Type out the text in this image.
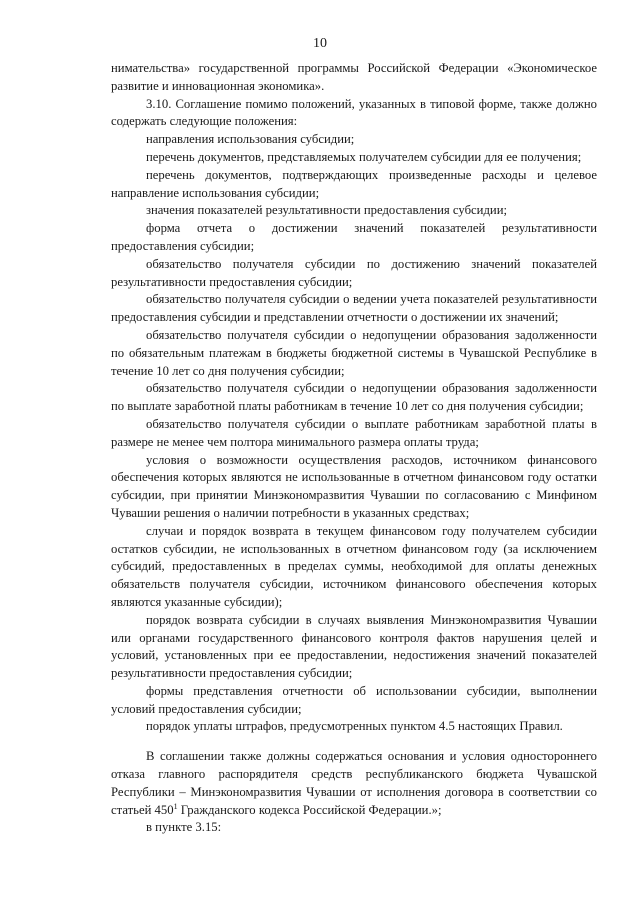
10

нимательства» государственной программы Российской Федерации «Экономическое развитие и инновационная экономика».

3.10. Соглашение помимо положений, указанных в типовой форме, также должно содержать следующие положения:

направления использования субсидии;

перечень документов, представляемых получателем субсидии для ее получения;

перечень документов, подтверждающих произведенные расходы и целевое направление использования субсидии;

значения показателей результативности предоставления субсидии;

форма отчета о достижении значений показателей результативности предоставления субсидии;

обязательство получателя субсидии по достижению значений показателей результативности предоставления субсидии;

обязательство получателя субсидии о ведении учета показателей результативности предоставления субсидии и представлении отчетности о достижении их значений;

обязательство получателя субсидии о недопущении образования задолженности по обязательным платежам в бюджеты бюджетной системы в Чувашской Республике в течение 10 лет со дня получения субсидии;

обязательство получателя субсидии о недопущении образования задолженности по выплате заработной платы работникам в течение 10 лет со дня получения субсидии;

обязательство получателя субсидии о выплате работникам заработной платы в размере не менее чем полтора минимального размера оплаты труда;

условия о возможности осуществления расходов, источником финансового обеспечения которых являются не использованные в отчетном финансовом году остатки субсидии, при принятии Минэкономразвития Чувашии по согласованию с Минфином Чувашии решения о наличии потребности в указанных средствах;

случаи и порядок возврата в текущем финансовом году получателем субсидии остатков субсидии, не использованных в отчетном финансовом году (за исключением субсидий, предоставленных в пределах суммы, необходимой для оплаты денежных обязательств получателя субсидии, источником финансового обеспечения которых являются указанные субсидии);

порядок возврата субсидии в случаях выявления Минэкономразвития Чувашии или органами государственного финансового контроля фактов нарушения целей и условий, установленных при ее предоставлении, недостижения значений показателей результативности предоставления субсидии;

формы представления отчетности об использовании субсидии, выполнении условий предоставления субсидии;

порядок уплаты штрафов, предусмотренных пунктом 4.5 настоящих Правил.

В соглашении также должны содержаться основания и условия одностороннего отказа главного распорядителя средств республиканского бюджета Чувашской Республики – Минэкономразвития Чувашии от исполнения договора в соответствии со статьей $450^1$ Гражданского кодекса Российской Федерации.»;

в пункте 3.15:
